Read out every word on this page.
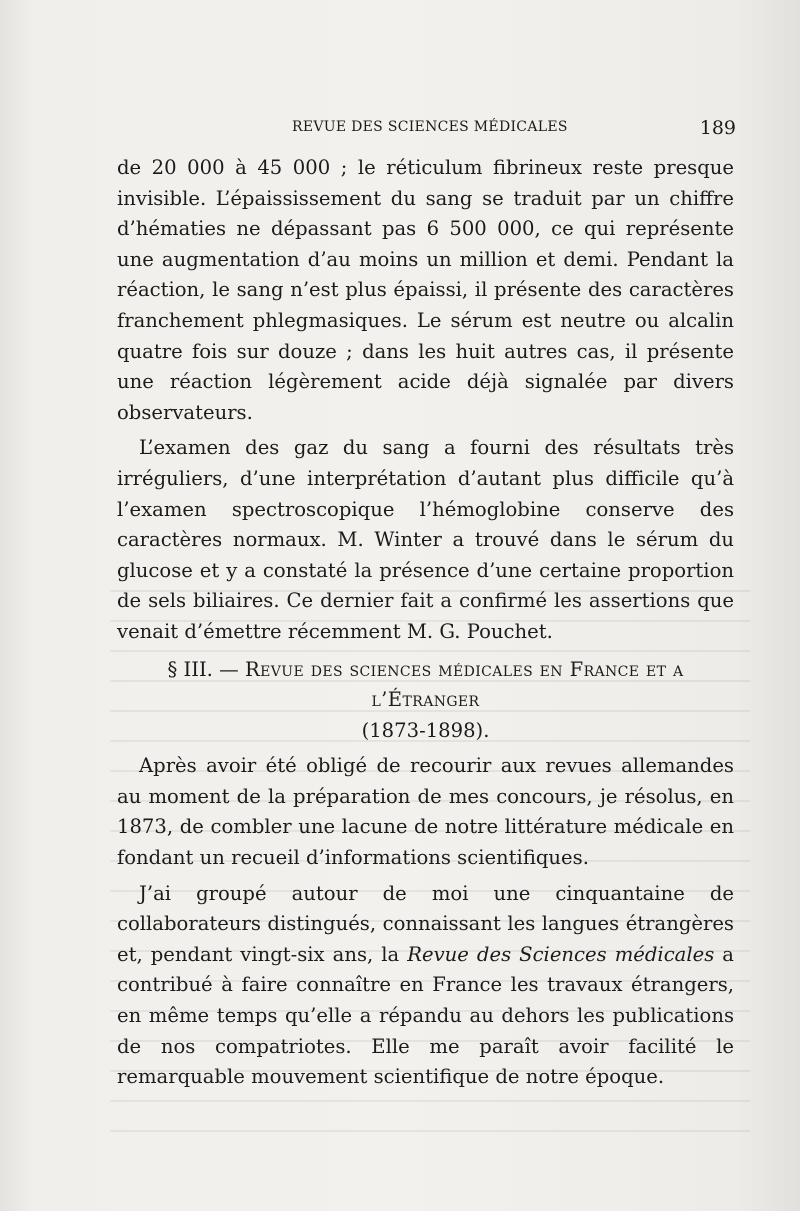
REVUE DES SCIENCES MÉDICALES	189

de 20 000 à 45 000 ; le réticulum fibrineux reste presque invisible. L’épaississement du sang se traduit par un chiffre d’hématies ne dépassant pas 6 500 000, ce qui représente une augmentation d’au moins un million et demi. Pendant la réaction, le sang n’est plus épaissi, il présente des caractères franchement phlegmasiques. Le sérum est neutre ou alcalin quatre fois sur douze ; dans les huit autres cas, il présente une réaction légèrement acide déjà signalée par divers observateurs.

L’examen des gaz du sang a fourni des résultats très irréguliers, d’une interprétation d’autant plus difficile qu’à l’examen spectroscopique l’hémoglobine conserve des caractères normaux. M. Winter a trouvé dans le sérum du glucose et y a constaté la présence d’une certaine proportion de sels biliaires. Ce dernier fait a confirmé les assertions que venait d’émettre récemment M. G. Pouchet.

§ III. — Revue des sciences médicales en France et a l’Étranger
(1873-1898).

Après avoir été obligé de recourir aux revues allemandes au moment de la préparation de mes concours, je résolus, en 1873, de combler une lacune de notre littérature médicale en fondant un recueil d’informations scientifiques.

J’ai groupé autour de moi une cinquantaine de collaborateurs distingués, connaissant les langues étrangères et, pendant vingt-six ans, la Revue des Sciences médicales a contribué à faire connaître en France les travaux étrangers, en même temps qu’elle a répandu au dehors les publications de nos compatriotes. Elle me paraît avoir facilité le remarquable mouvement scientifique de notre époque.
